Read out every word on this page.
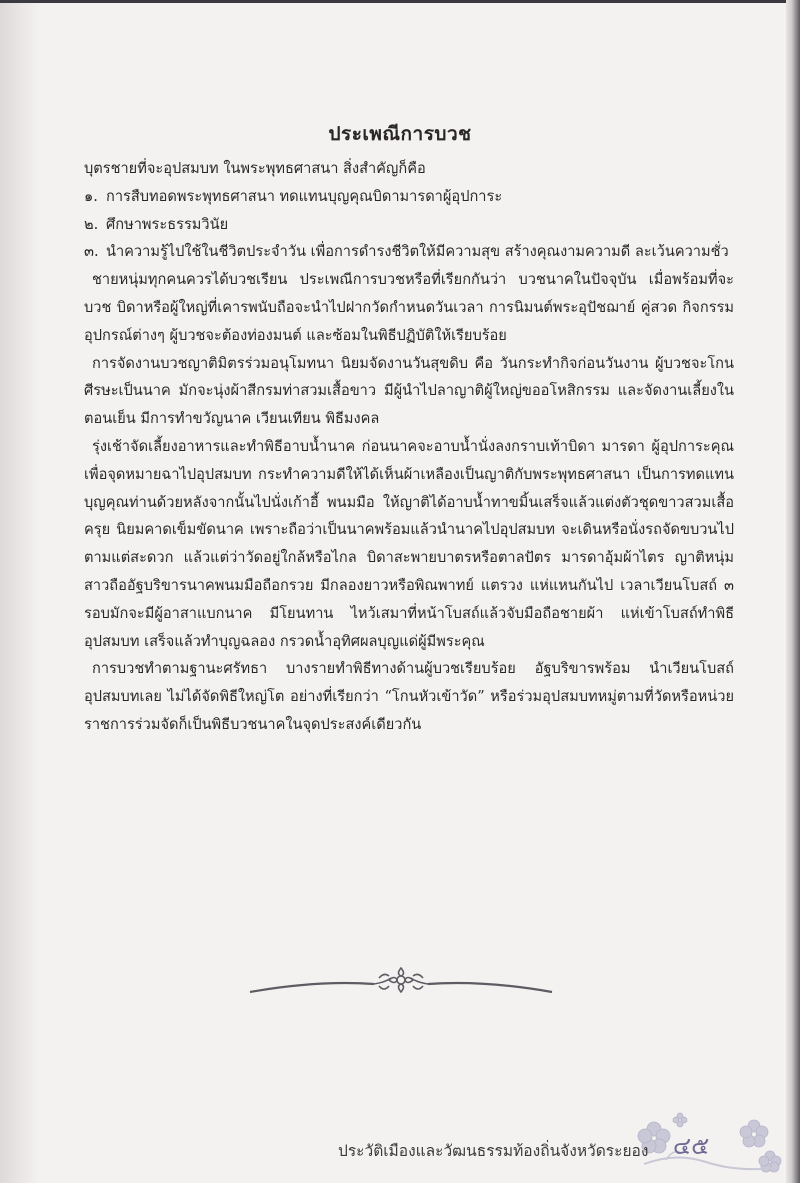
ประเพณีการบวช

บุตรชายที่จะอุปสมบท ในพระพุทธศาสนา สิ่งสำคัญก็คือ

๑. การสืบทอดพระพุทธศาสนา ทดแทนบุญคุณบิดามารดาผู้อุปการะ
๒. ศึกษาพระธรรมวินัย
๓. นำความรู้ไปใช้ในชีวิตประจำวัน เพื่อการดำรงชีวิตให้มีความสุข สร้างคุณงามความดี ละเว้นความชั่ว

ชายหนุ่มทุกคนควรได้บวชเรียน ประเพณีการบวชหรือที่เรียกกันว่า บวชนาคในปัจจุบัน เมื่อพร้อมที่จะบวช บิดาหรือผู้ใหญ่ที่เคารพนับถือจะนำไปฝากวัดกำหนดวันเวลา การนิมนต์พระอุปัชฌาย์ คู่สวด กิจกรรม อุปกรณ์ต่างๆ ผู้บวชจะต้องท่องมนต์ และซ้อมในพิธีปฏิบัติให้เรียบร้อย

การจัดงานบวชญาติมิตรร่วมอนุโมทนา นิยมจัดงานวันสุขดิบ คือ วันกระทำกิจก่อนวันงาน ผู้บวชจะโกนศีรษะเป็นนาค มักจะนุ่งผ้าสีกรมท่าสวมเสื้อขาว มีผู้นำไปลาญาติผู้ใหญ่ขออโหสิกรรม และจัดงานเลี้ยงในตอนเย็น มีการทำขวัญนาค เวียนเทียน พิธีมงคล

รุ่งเช้าจัดเลี้ยงอาหารและทำพิธีอาบน้ำนาค ก่อนนาคจะอาบน้ำนั่งลงกราบเท้าบิดา มารดา ผู้อุปการะคุณเพื่อจุดหมายฉาไปอุปสมบท กระทำความดีให้ได้เห็นผ้าเหลืองเป็นญาติกับพระพุทธศาสนา เป็นการทดแทนบุญคุณท่านด้วยหลังจากนั้นไปนั่งเก้าอี้ พนมมือ ให้ญาติได้อาบน้ำทาขมิ้นเสร็จแล้วแต่งตัวชุดขาวสวมเสื้อครุย นิยมคาดเข็มขัดนาค เพราะถือว่าเป็นนาคพร้อมแล้วนำนาคไปอุปสมบท จะเดินหรือนั่งรถจัดขบวนไปตามแต่สะดวก แล้วแต่ว่าวัดอยู่ใกล้หรือไกล บิดาสะพายบาตรหรือตาลปัตร มารดาอุ้มผ้าไตร ญาติหนุ่มสาวถืออัฐบริขารนาคพนมมือถือกรวย มีกลองยาวหรือพิณพาทย์ แตรวง แห่แหนกันไป เวลาเวียนโบสถ์ ๓ รอบมักจะมีผู้อาสาแบกนาค มีโยนทาน ไหว้เสมาที่หน้าโบสถ์แล้วจับมือถือชายผ้า แห่เข้าโบสถ์ทำพิธีอุปสมบท เสร็จแล้วทำบุญฉลอง กรวดน้ำอุทิศผลบุญแด่ผู้มีพระคุณ

การบวชทำตามฐานะศรัทธา บางรายทำพิธีทางด้านผู้บวชเรียบร้อย อัฐบริขารพร้อม นำเวียนโบสถ์อุปสมบทเลย ไม่ได้จัดพิธีใหญ่โต อย่างที่เรียกว่า “โกนหัวเข้าวัด” หรือร่วมอุปสมบทหมู่ตามที่วัดหรือหน่วยราชการร่วมจัดก็เป็นพิธีบวชนาคในจุดประสงค์เดียวกัน

๔๕
ประวัติเมืองและวัฒนธรรมท้องถิ่นจังหวัดระยอง
